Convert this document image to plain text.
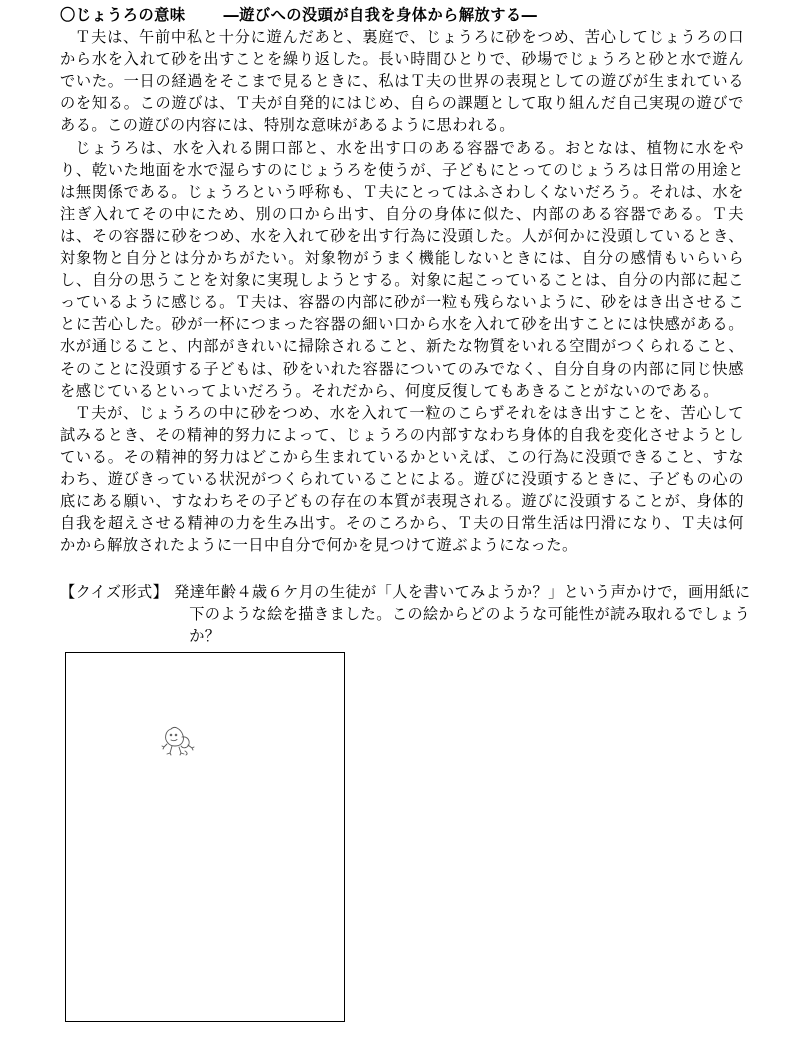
〇じょうろの意味	―遊びへの没頭が自我を身体から解放する―

Ｔ夫は、午前中私と十分に遊んだあと、裏庭で、じょうろに砂をつめ、苦心してじょうろの口から水を入れて砂を出すことを繰り返した。長い時間ひとりで、砂場でじょうろと砂と水で遊んでいた。一日の経過をそこまで見るときに、私はＴ夫の世界の表現としての遊びが生まれているのを知る。この遊びは、Ｔ夫が自発的にはじめ、自らの課題として取り組んだ自己実現の遊びである。この遊びの内容には、特別な意味があるように思われる。

じょうろは、水を入れる開口部と、水を出す口のある容器である。おとなは、植物に水をやり、乾いた地面を水で湿らすのにじょうろを使うが、子どもにとってのじょうろは日常の用途とは無関係である。じょうろという呼称も、Ｔ夫にとってはふさわしくないだろう。それは、水を注ぎ入れてその中にため、別の口から出す、自分の身体に似た、内部のある容器である。Ｔ夫は、その容器に砂をつめ、水を入れて砂を出す行為に没頭した。人が何かに没頭しているとき、対象物と自分とは分かちがたい。対象物がうまく機能しないときには、自分の感情もいらいらし、自分の思うことを対象に実現しようとする。対象に起こっていることは、自分の内部に起こっているように感じる。Ｔ夫は、容器の内部に砂が一粒も残らないように、砂をはき出させることに苦心した。砂が一杯につまった容器の細い口から水を入れて砂を出すことには快感がある。水が通じること、内部がきれいに掃除されること、新たな物質をいれる空間がつくられること、そのことに没頭する子どもは、砂をいれた容器についてのみでなく、自分自身の内部に同じ快感を感じているといってよいだろう。それだから、何度反復してもあきることがないのである。

Ｔ夫が、じょうろの中に砂をつめ、水を入れて一粒のこらずそれをはき出すことを、苦心して試みるとき、その精神的努力によって、じょうろの内部すなわち身体的自我を変化させようとしている。その精神的努力はどこから生まれているかといえば、この行為に没頭できること、すなわち、遊びきっている状況がつくられていることによる。遊びに没頭するときに、子どもの心の底にある願い、すなわちその子どもの存在の本質が表現される。遊びに没頭することが、身体的自我を超えさせる精神の力を生み出す。そのころから、Ｔ夫の日常生活は円滑になり、Ｔ夫は何かから解放されたように一日中自分で何かを見つけて遊ぶようになった。

【クイズ形式】 発達年齢４歳６ケ月の生徒が「人を書いてみようか？」という声かけで，画用紙に下のような絵を描きました。この絵からどのような可能性が読み取れるでしょうか？
